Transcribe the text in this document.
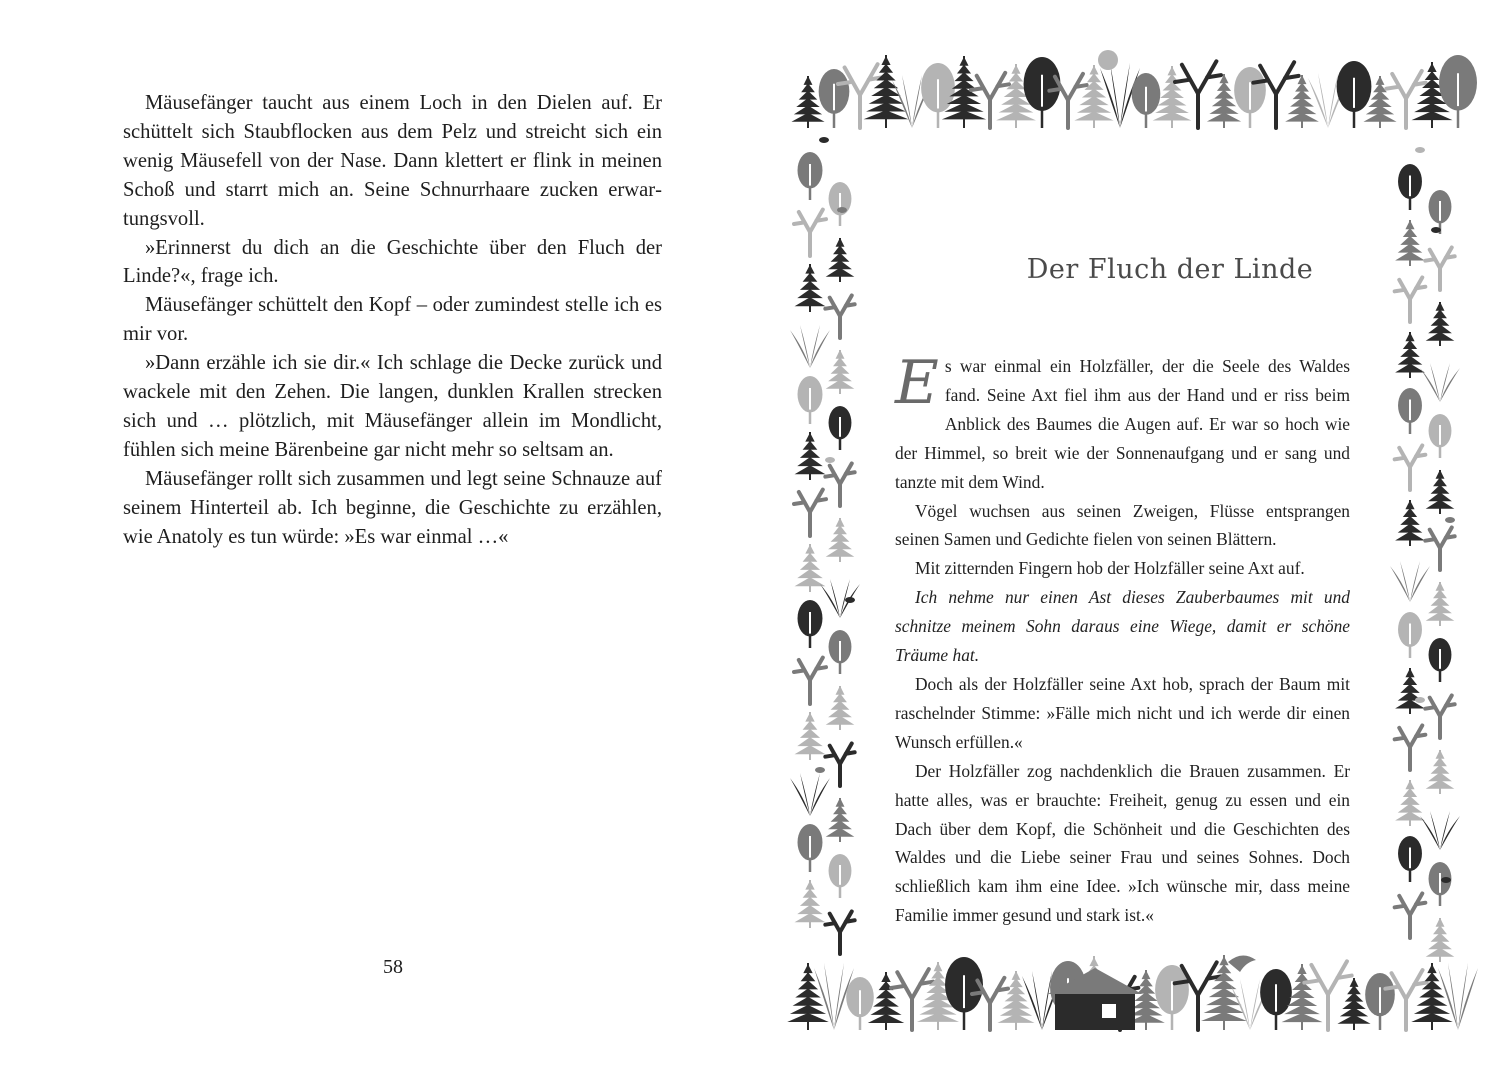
Mäusefänger taucht aus einem Loch in den Dielen auf. Er schüttelt sich Staubflocken aus dem Pelz und streicht sich ein wenig Mäusefell von der Nase. Dann klettert er flink in meinen Schoß und starrt mich an. Seine Schnurrhaare zucken erwartungsvoll.

»Erinnerst du dich an die Geschichte über den Fluch der Linde?«, frage ich.

Mäusefänger schüttelt den Kopf – oder zumindest stelle ich es mir vor.

»Dann erzähle ich sie dir.« Ich schlage die Decke zurück und wackele mit den Zehen. Die langen, dunklen Krallen strecken sich und … plötzlich, mit Mäusefänger allein im Mondlicht, fühlen sich meine Bärenbeine gar nicht mehr so seltsam an.

Mäusefänger rollt sich zusammen und legt seine Schnauze auf seinem Hinterteil ab. Ich beginne, die Geschichte zu erzählen, wie Anatoly es tun würde: »Es war einmal …«

58
Der Fluch der Linde

Es war einmal ein Holzfäller, der die Seele des Waldes fand. Seine Axt fiel ihm aus der Hand und er riss beim Anblick des Baumes die Augen auf. Er war so hoch wie der Himmel, so breit wie der Sonnenaufgang und er sang und tanzte mit dem Wind.

Vögel wuchsen aus seinen Zweigen, Flüsse entsprangen seinen Samen und Gedichte fielen von seinen Blättern.

Mit zitternden Fingern hob der Holzfäller seine Axt auf.

Ich nehme nur einen Ast dieses Zauberbaumes mit und schnitze meinem Sohn daraus eine Wiege, damit er schöne Träume hat.

Doch als der Holzfäller seine Axt hob, sprach der Baum mit raschelnder Stimme: »Fälle mich nicht und ich werde dir einen Wunsch erfüllen.«

Der Holzfäller zog nachdenklich die Brauen zusammen. Er hatte alles, was er brauchte: Freiheit, genug zu essen und ein Dach über dem Kopf, die Schönheit und die Geschichten des Waldes und die Liebe seiner Frau und seines Sohnes. Doch schließlich kam ihm eine Idee. »Ich wünsche mir, dass meine Familie immer gesund und stark ist.«
